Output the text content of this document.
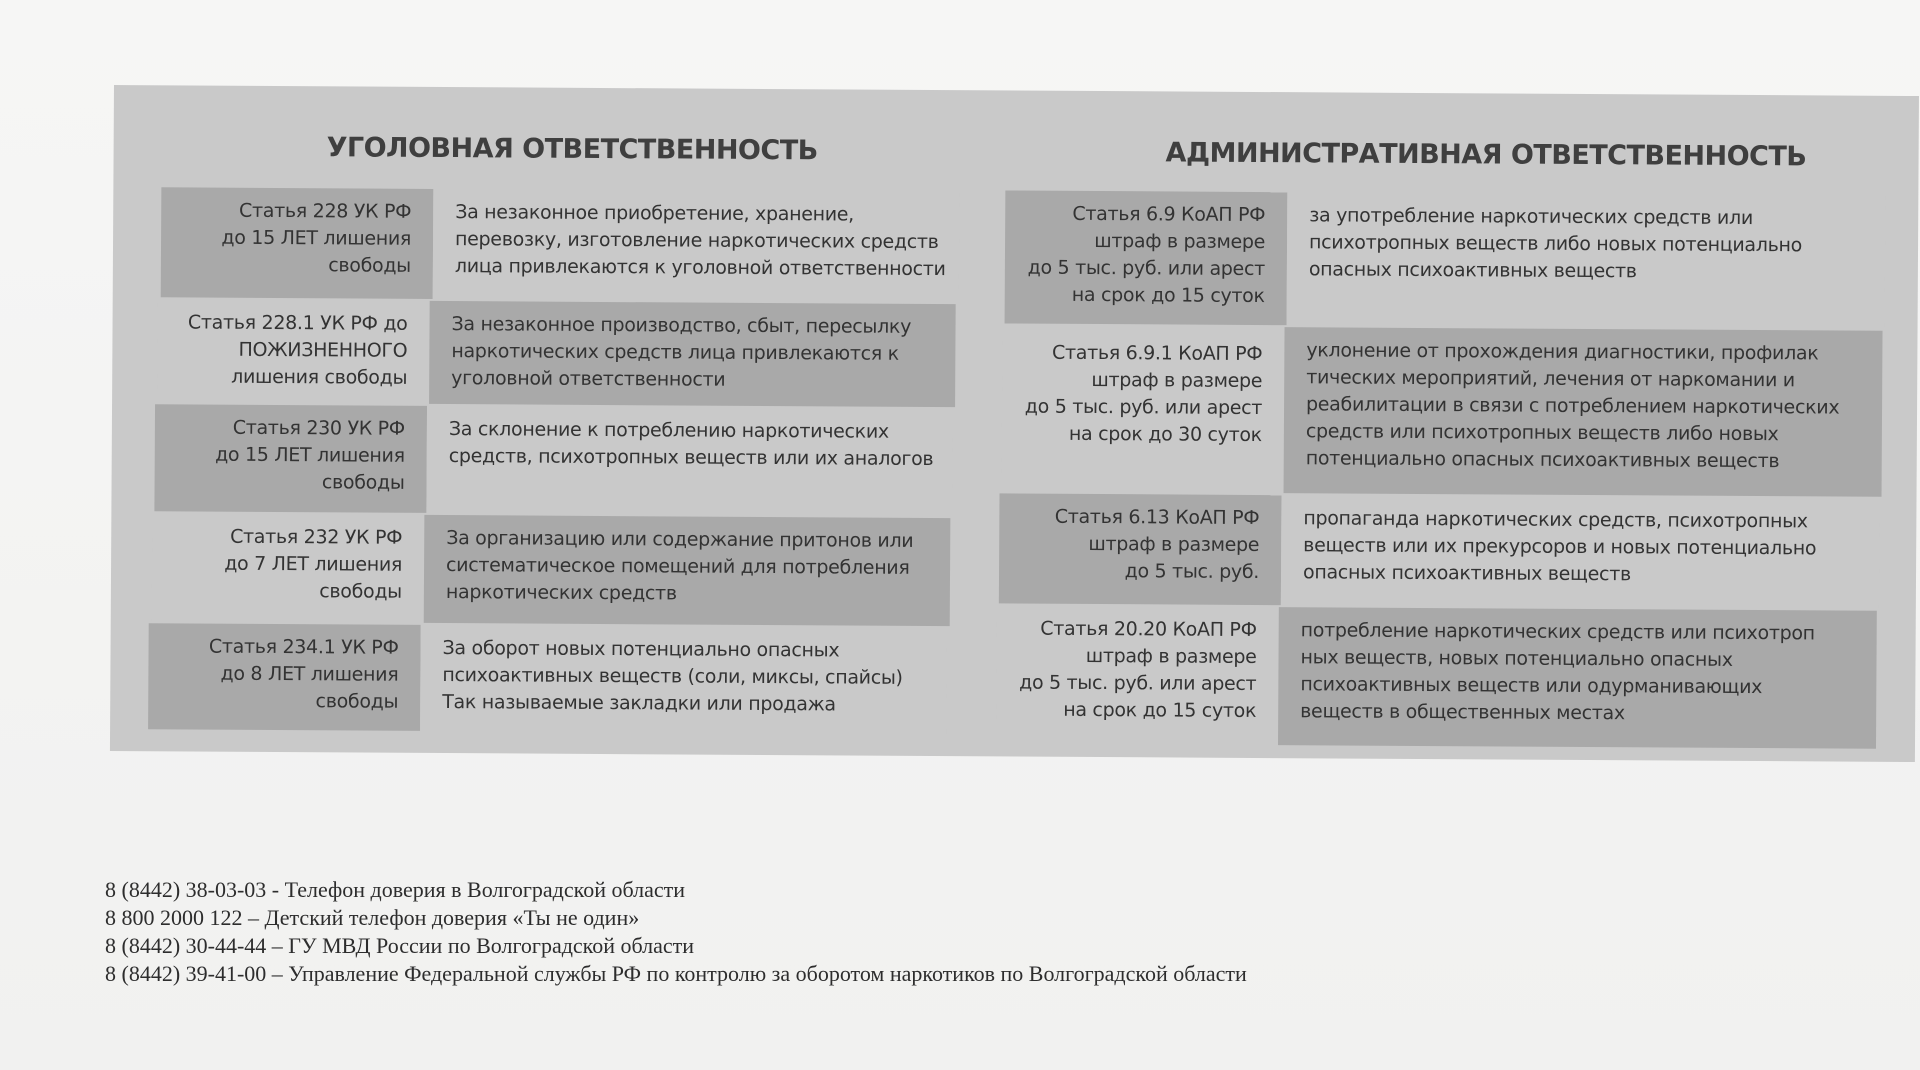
УГОЛОВНАЯ ОТВЕТСТВЕННОСТЬ	АДМИНИСТРАТИВНАЯ ОТВЕТСТВЕННОСТЬ
Статья 228 УК РФ
до 15 ЛЕТ лишения
свободы
За незаконное приобретение, хранение,
перевозку, изготовление наркотических средств
лица привлекаются к уголовной ответственности
Статья 228.1 УК РФ до
ПОЖИЗНЕННОГО
лишения свободы
За незаконное производство, сбыт, пересылку
наркотических средств лица привлекаются к
уголовной ответственности
Статья 230 УК РФ
до 15 ЛЕТ лишения
свободы
За склонение к потреблению наркотических
средств, психотропных веществ или их аналогов
Статья 232 УК РФ
до 7 ЛЕТ лишения
свободы
За организацию или содержание притонов или
систематическое помещений для потребления
наркотических средств
Статья 234.1 УК РФ
до 8 ЛЕТ лишения
свободы
За оборот новых потенциально опасных
психоактивных веществ (соли, миксы, спайсы)
Так называемые закладки или продажа
Статья 6.9 КоАП РФ
штраф в размере
до 5 тыс. руб. или арест
на срок до 15 суток
за употребление наркотических средств или
психотропных веществ либо новых потенциально
опасных психоактивных веществ
Статья 6.9.1 КоАП РФ
штраф в размере
до 5 тыс. руб. или арест
на срок до 30 суток
уклонение от прохождения диагностики, профилак
тических мероприятий, лечения от наркомании и
реабилитации в связи с потреблением наркотических
средств или психотропных веществ либо новых
потенциально опасных психоактивных веществ
Статья 6.13 КоАП РФ
штраф в размере
до 5 тыс. руб.
пропаганда наркотических средств, психотропных
веществ или их прекурсоров и новых потенциально
опасных психоактивных веществ
Статья 20.20 КоАП РФ
штраф в размере
до 5 тыс. руб. или арест
на срок до 15 суток
потребление наркотических средств или психотроп
ных веществ, новых потенциально опасных
психоактивных веществ или одурманивающих
веществ в общественных местах
8 (8442) 38-03-03 - Телефон доверия в Волгоградской области
8 800 2000 122 – Детский телефон доверия «Ты не один»
8 (8442) 30-44-44 – ГУ МВД России по Волгоградской области
8 (8442) 39-41-00 – Управление Федеральной службы РФ по контролю за оборотом наркотиков по Волгоградской области
